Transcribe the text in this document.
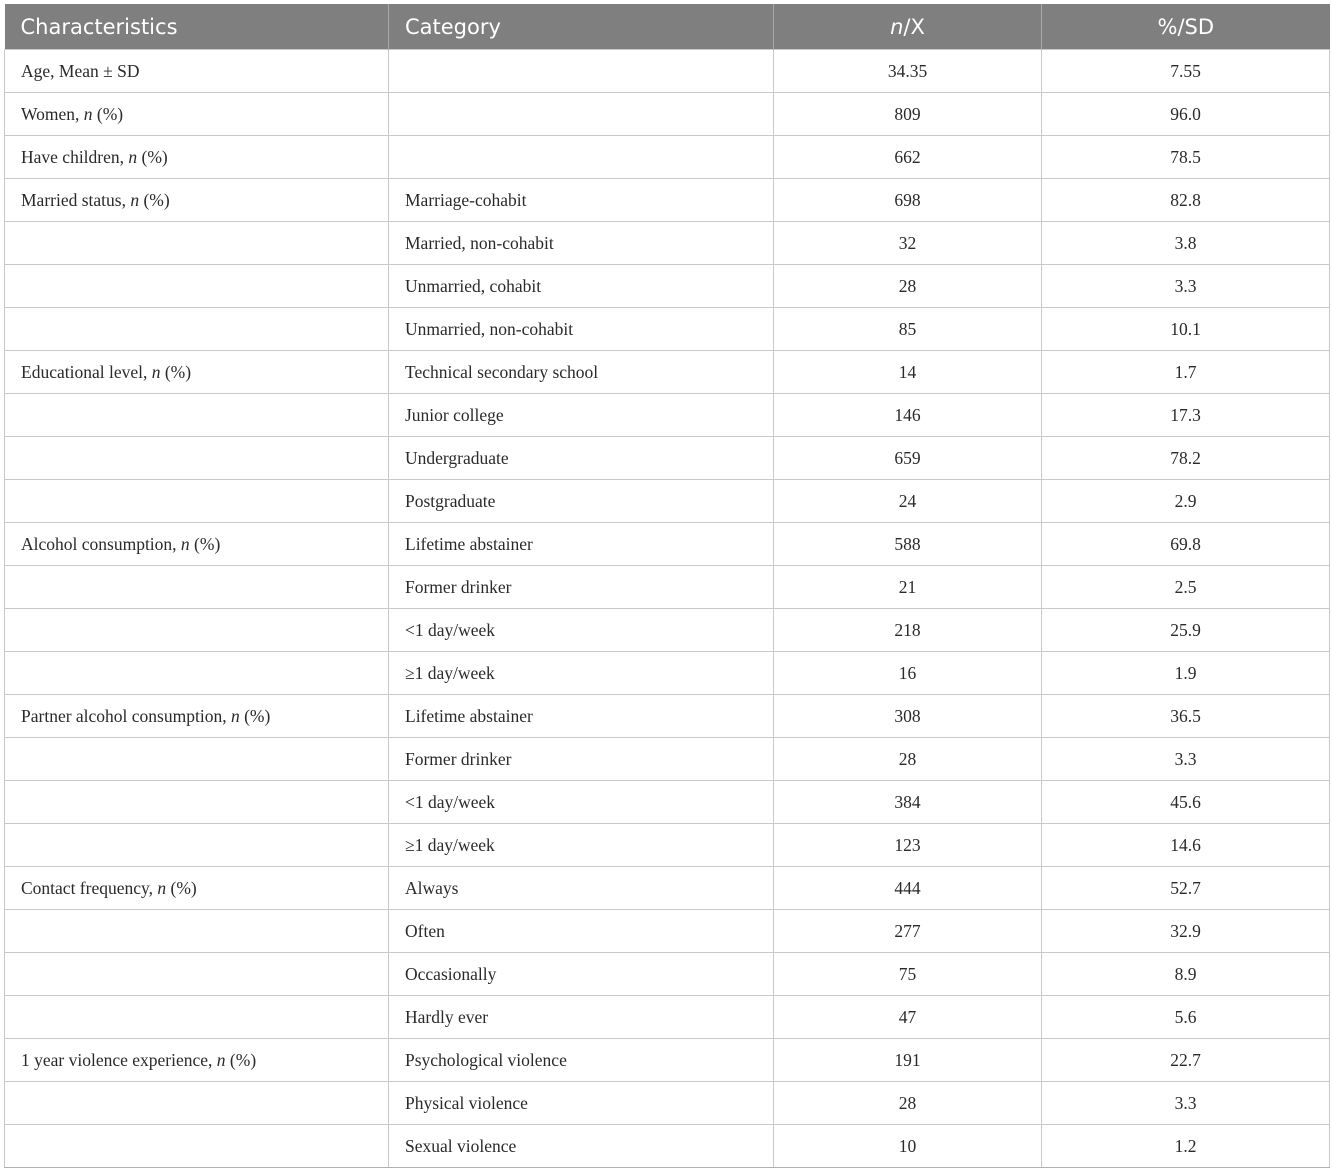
Characteristics	Category	n/X	%/SD
Age, Mean ± SD		34.35	7.55
Women, n (%)		809	96.0
Have children, n (%)		662	78.5
Married status, n (%)	Marriage-cohabit	698	82.8
	Married, non-cohabit	32	3.8
	Unmarried, cohabit	28	3.3
	Unmarried, non-cohabit	85	10.1
Educational level, n (%)	Technical secondary school	14	1.7
	Junior college	146	17.3
	Undergraduate	659	78.2
	Postgraduate	24	2.9
Alcohol consumption, n (%)	Lifetime abstainer	588	69.8
	Former drinker	21	2.5
	<1 day/week	218	25.9
	≥1 day/week	16	1.9
Partner alcohol consumption, n (%)	Lifetime abstainer	308	36.5
	Former drinker	28	3.3
	<1 day/week	384	45.6
	≥1 day/week	123	14.6
Contact frequency, n (%)	Always	444	52.7
	Often	277	32.9
	Occasionally	75	8.9
	Hardly ever	47	5.6
1 year violence experience, n (%)	Psychological violence	191	22.7
	Physical violence	28	3.3
	Sexual violence	10	1.2
